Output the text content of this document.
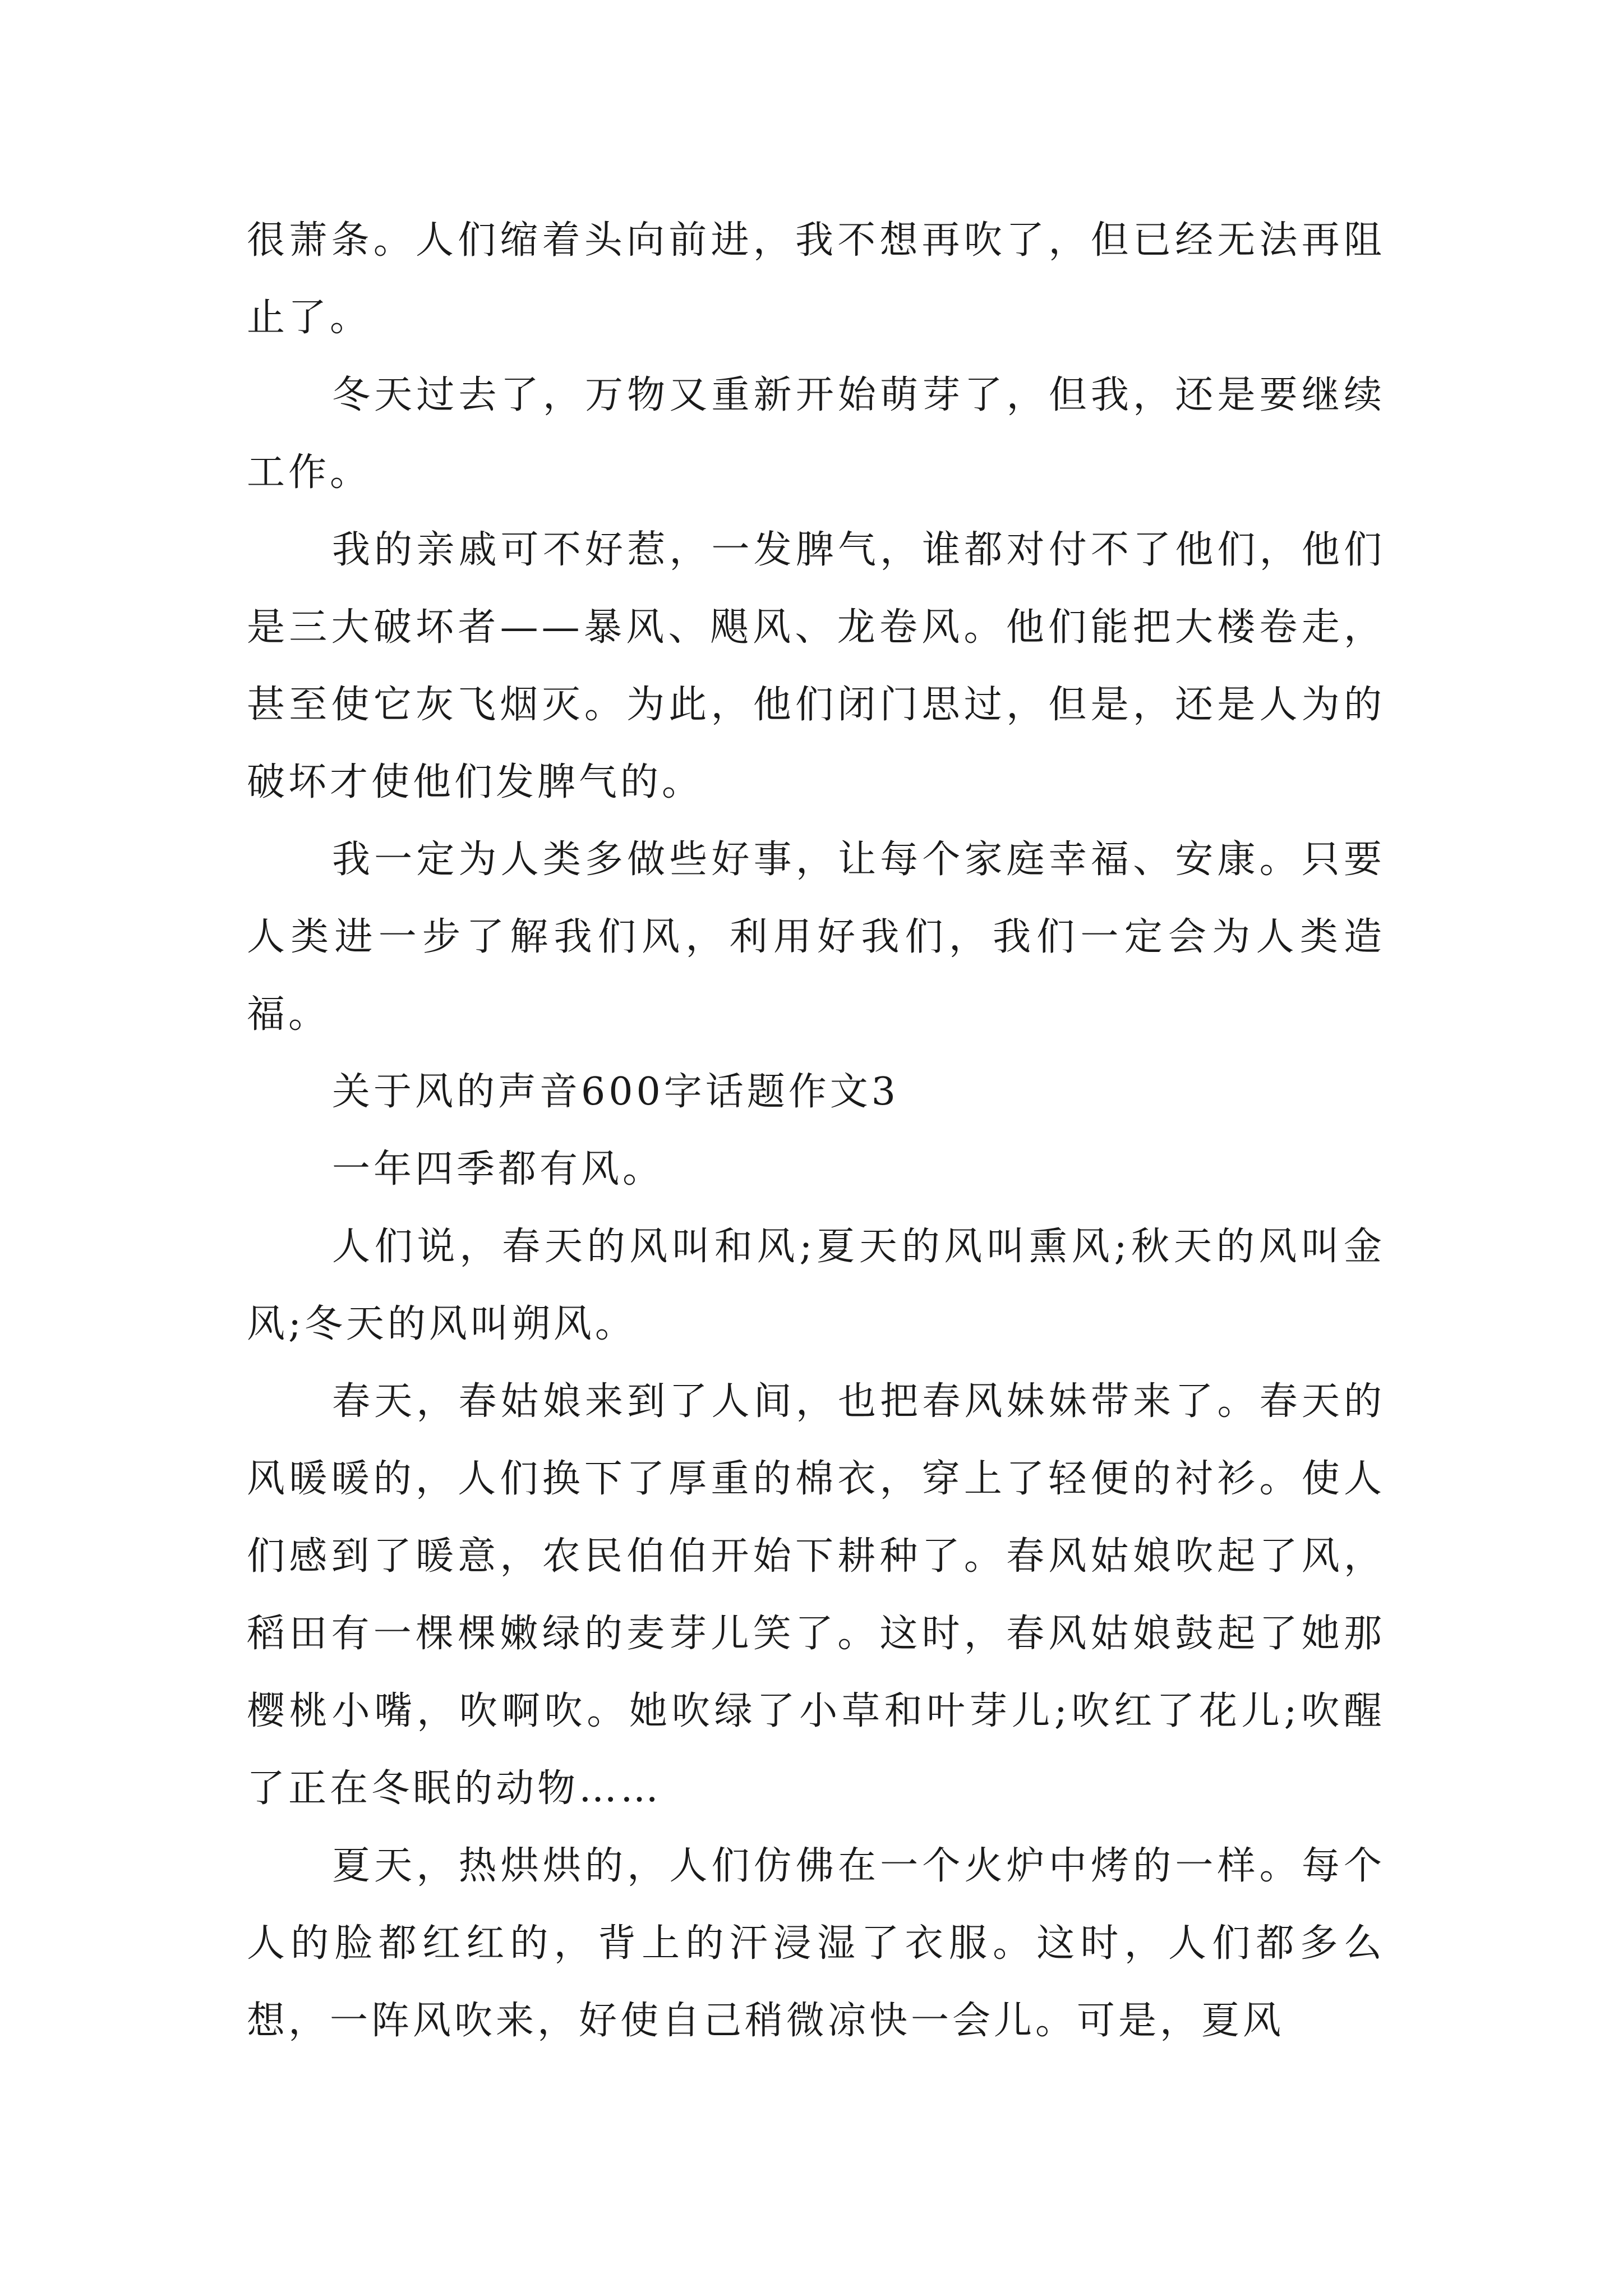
很萧条。人们缩着头向前进，我不想再吹了，但已经无法再阻止了。

冬天过去了，万物又重新开始萌芽了，但我，还是要继续工作。

我的亲戚可不好惹，一发脾气，谁都对付不了他们，他们是三大破坏者——暴风、飓风、龙卷风。他们能把大楼卷走，甚至使它灰飞烟灭。为此，他们闭门思过，但是，还是人为的破坏才使他们发脾气的。

我一定为人类多做些好事，让每个家庭幸福、安康。只要人类进一步了解我们风，利用好我们，我们一定会为人类造福。

关于风的声音600字话题作文3

一年四季都有风。

人们说，春天的风叫和风;夏天的风叫熏风;秋天的风叫金风;冬天的风叫朔风。

春天，春姑娘来到了人间，也把春风妹妹带来了。春天的风暖暖的，人们换下了厚重的棉衣，穿上了轻便的衬衫。使人们感到了暖意，农民伯伯开始下耕种了。春风姑娘吹起了风，稻田有一棵棵嫩绿的麦芽儿笑了。这时，春风姑娘鼓起了她那樱桃小嘴，吹啊吹。她吹绿了小草和叶芽儿;吹红了花儿;吹醒了正在冬眠的动物……

夏天，热烘烘的，人们仿佛在一个火炉中烤的一样。每个人的脸都红红的，背上的汗浸湿了衣服。这时，人们都多么想，一阵风吹来，好使自己稍微凉快一会儿。可是，夏风
